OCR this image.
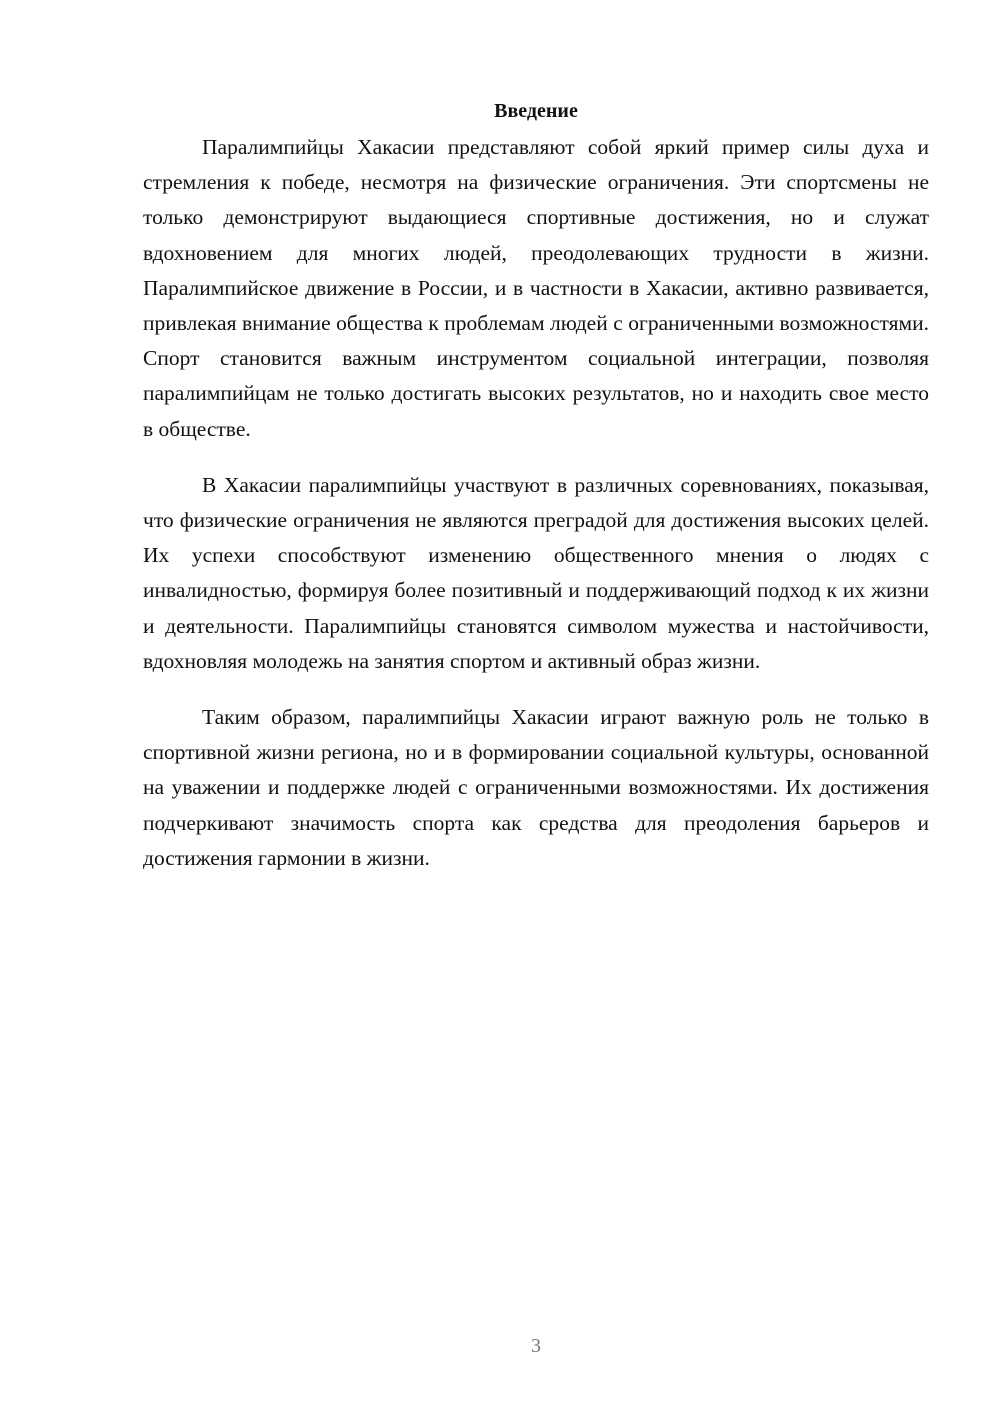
Введение

Паралимпийцы Хакасии представляют собой яркий пример силы духа и стремления к победе, несмотря на физические ограничения. Эти спортсмены не только демонстрируют выдающиеся спортивные достижения, но и служат вдохновением для многих людей, преодолевающих трудности в жизни. Паралимпийское движение в России, и в частности в Хакасии, активно развивается, привлекая внимание общества к проблемам людей с ограниченными возможностями. Спорт становится важным инструментом социальной интеграции, позволяя паралимпийцам не только достигать высоких результатов, но и находить свое место в обществе.

В Хакасии паралимпийцы участвуют в различных соревнованиях, показывая, что физические ограничения не являются преградой для достижения высоких целей. Их успехи способствуют изменению общественного мнения о людях с инвалидностью, формируя более позитивный и поддерживающий подход к их жизни и деятельности. Паралимпийцы становятся символом мужества и настойчивости, вдохновляя молодежь на занятия спортом и активный образ жизни.

Таким образом, паралимпийцы Хакасии играют важную роль не только в спортивной жизни региона, но и в формировании социальной культуры, основанной на уважении и поддержке людей с ограниченными возможностями. Их достижения подчеркивают значимость спорта как средства для преодоления барьеров и достижения гармонии в жизни.

3
